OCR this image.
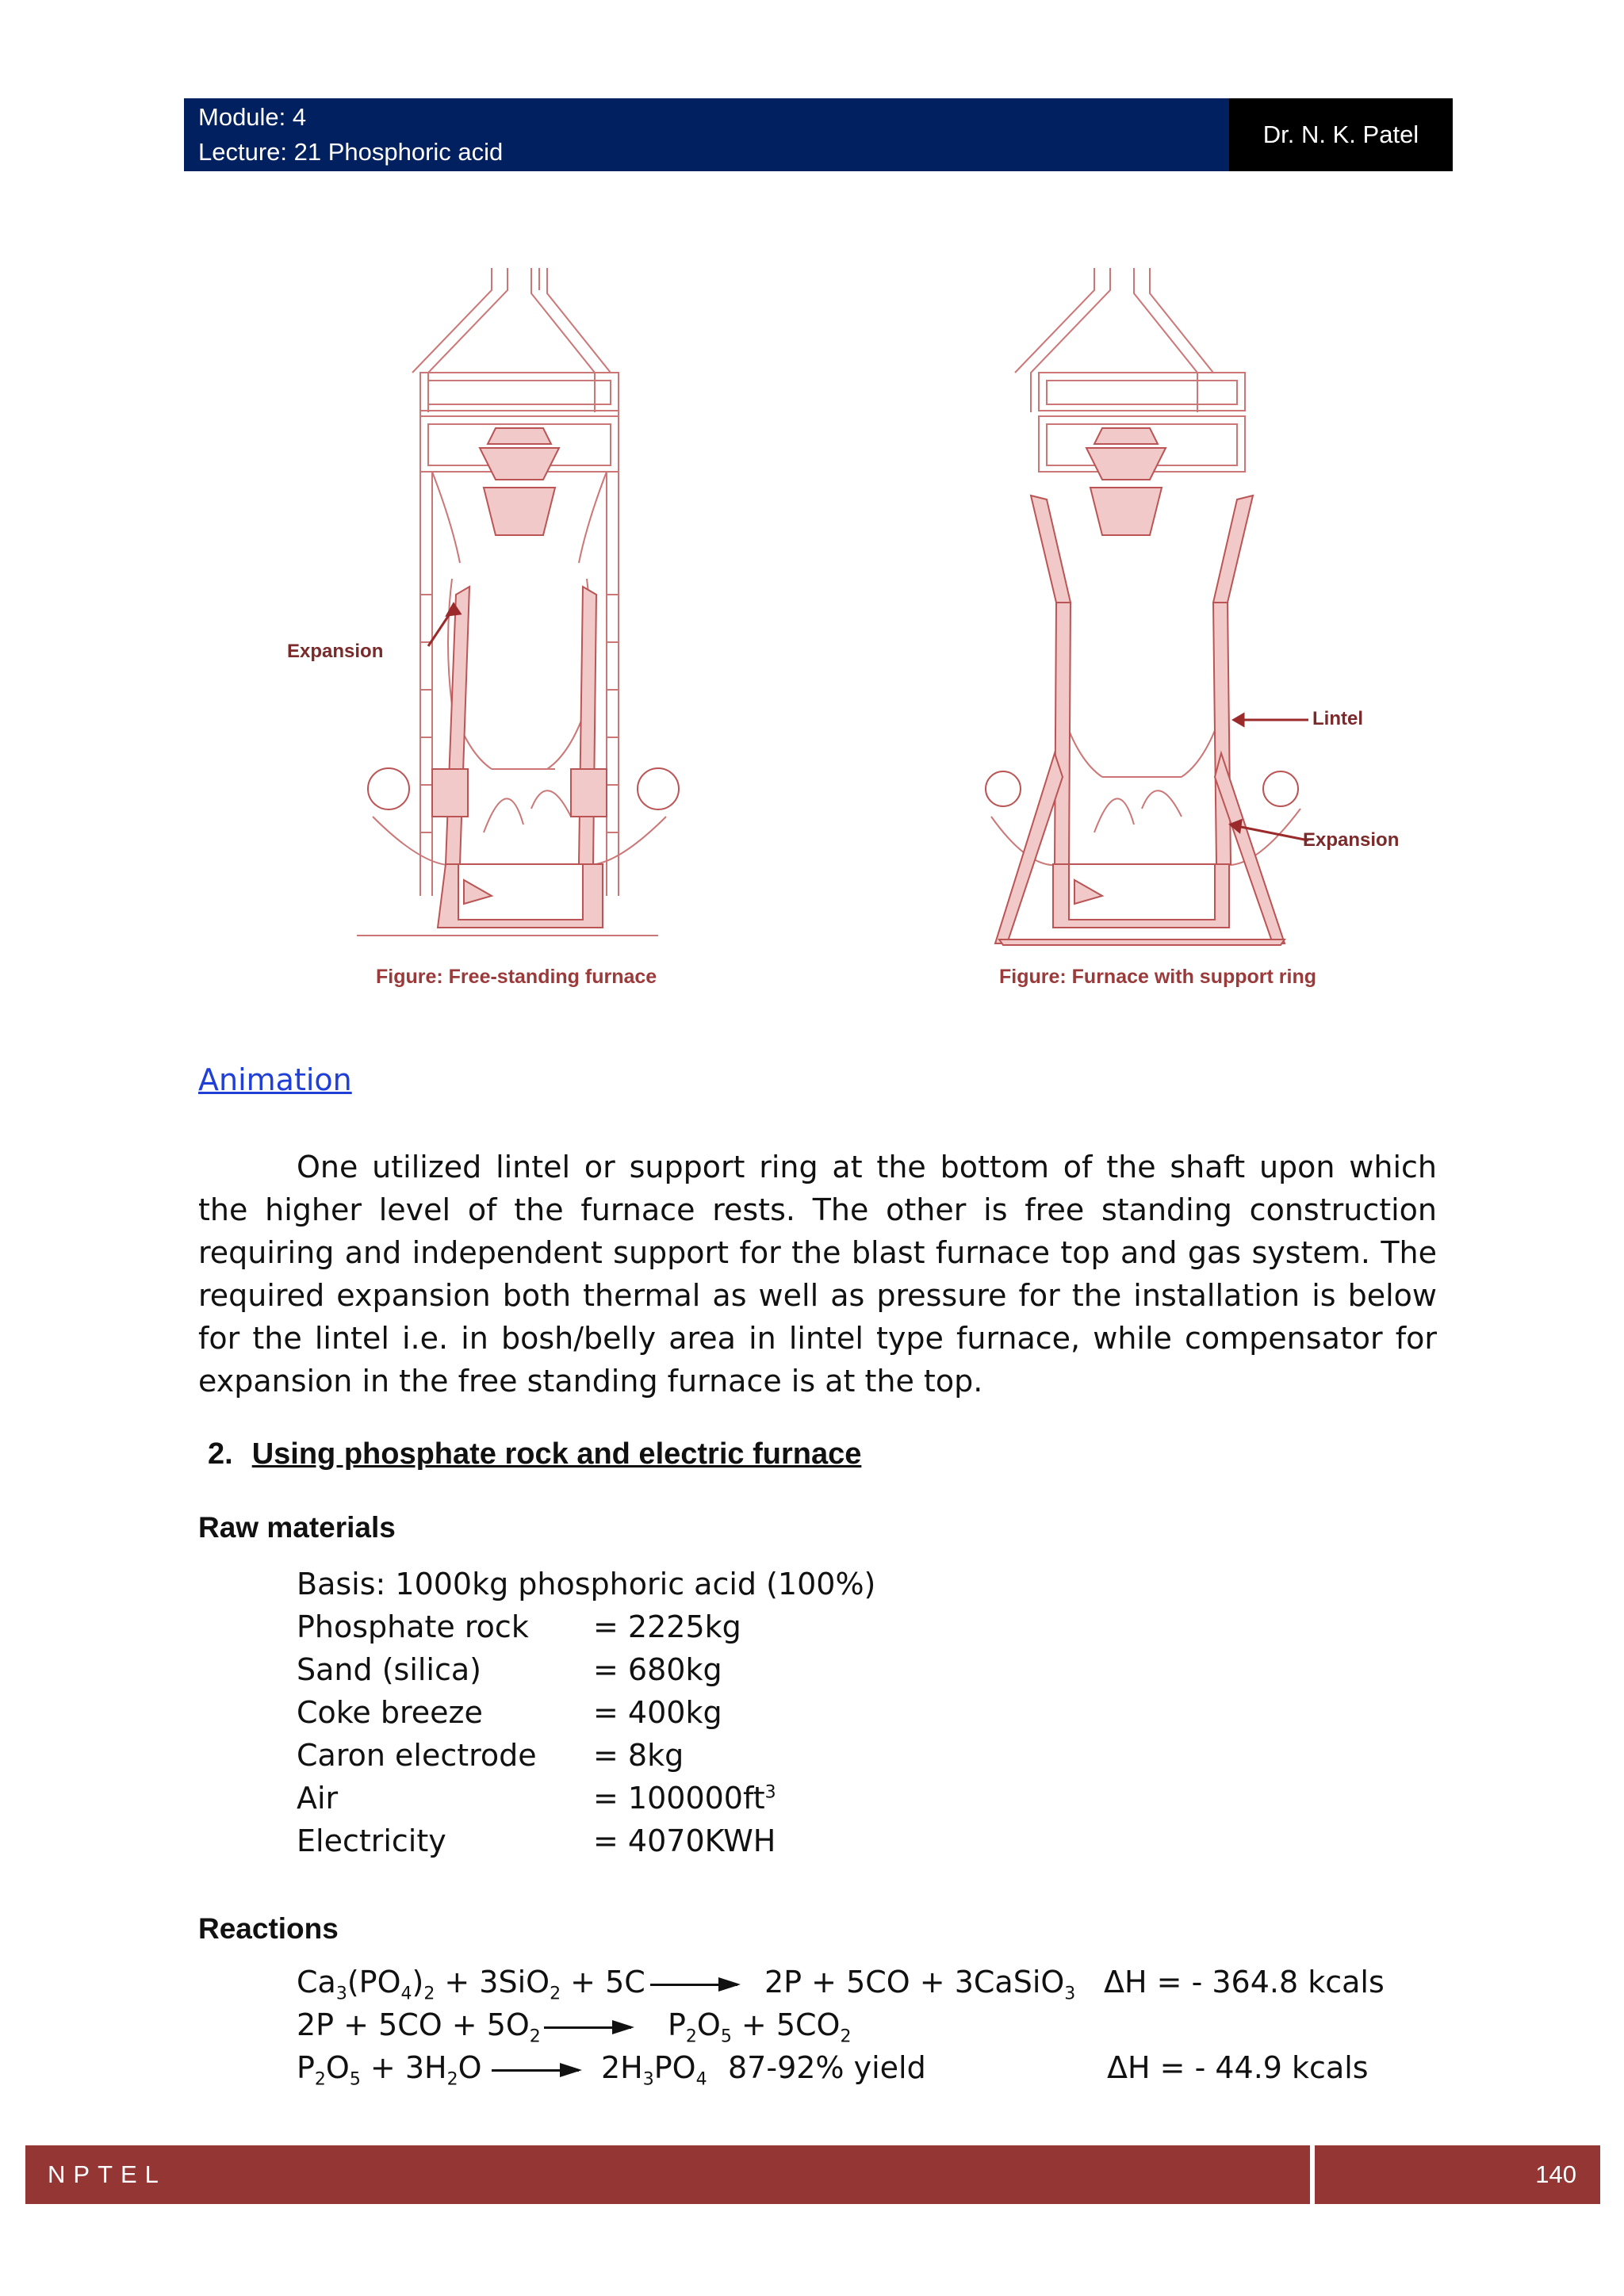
Module: 4
Lecture: 21 Phosphoric acid
Dr. N. K. Patel
Expansion
Figure: Free-standing furnace
Lintel
Expansion
Figure: Furnace with support ring
Animation

One utilized lintel or support ring at the bottom of the shaft upon which the higher level of the furnace rests. The other is free standing construction requiring and independent support for the blast furnace top and gas system. The required expansion both thermal as well as pressure for the installation is below for the lintel i.e. in bosh/belly area in lintel type furnace, while compensator for expansion in the free standing furnace is at the top.

2. Using phosphate rock and electric furnace
Raw materials
Basis: 1000kg phosphoric acid (100%)
Phosphate rock = 2225kg
Sand (silica)	= 680kg
Coke breeze	= 400kg
Caron electrode = 8kg
Air	= $100000ft^3$
Electricity	= 4070KWH
Reactions
$Ca_3(PO_4)_2 + 3SiO_2 + 5C$	2P + 5CO + 3CaSiO$_3$ ΔH = - 364.8 kcals
$2P + 5CO + 5O_2$	$P_2O_5 + 5CO_2$
$P_2O_5 + 3H_2O$	$2H_3PO_4$ 87-92% yield	ΔH = - 44.9 kcals
NPTEL	140
